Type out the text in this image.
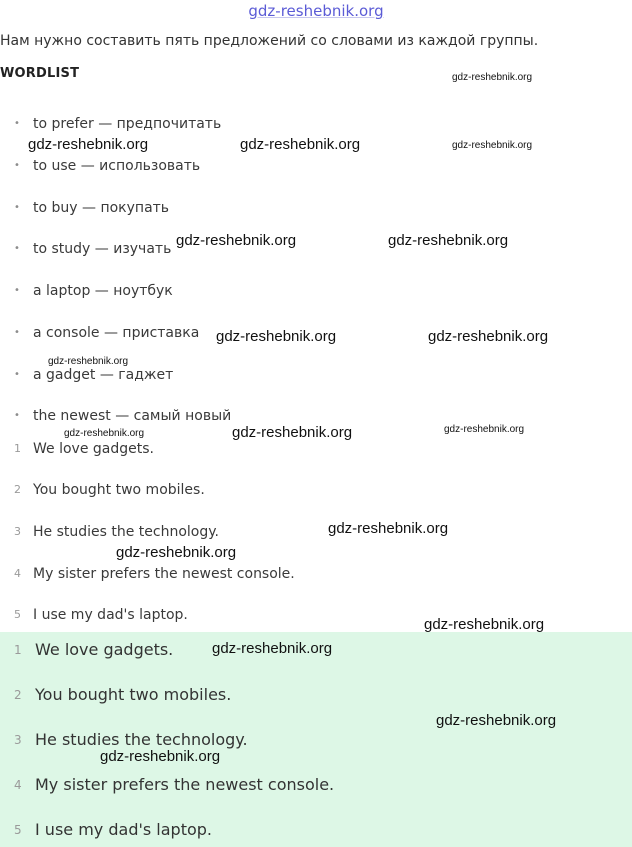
gdz-reshebnik.org
Нам нужно составить пять предложений со словами из каждой группы.
WORDLIST
• to prefer — предпочитать
• to use — использовать
• to buy — покупать
• to study — изучать
• a laptop — ноутбук
• a console — приставка
• a gadget — гаджет
• the newest — самый новый
1 We love gadgets.
2 You bought two mobiles.
3 He studies the technology.
4 My sister prefers the newest console.
5 I use my dad's laptop.
1 We love gadgets.
2 You bought two mobiles.
3 He studies the technology.
4 My sister prefers the newest console.
5 I use my dad's laptop.
gdz-reshebnik.org
gdz-reshebnik.org	gdz-reshebnik.org	gdz-reshebnik.org
gdz-reshebnik.org	gdz-reshebnik.org
gdz-reshebnik.org	gdz-reshebnik.org
gdz-reshebnik.org
gdz-reshebnik.org	gdz-reshebnik.org	gdz-reshebnik.org
gdz-reshebnik.org
gdz-reshebnik.org
gdz-reshebnik.org
gdz-reshebnik.org
gdz-reshebnik.org
gdz-reshebnik.org
